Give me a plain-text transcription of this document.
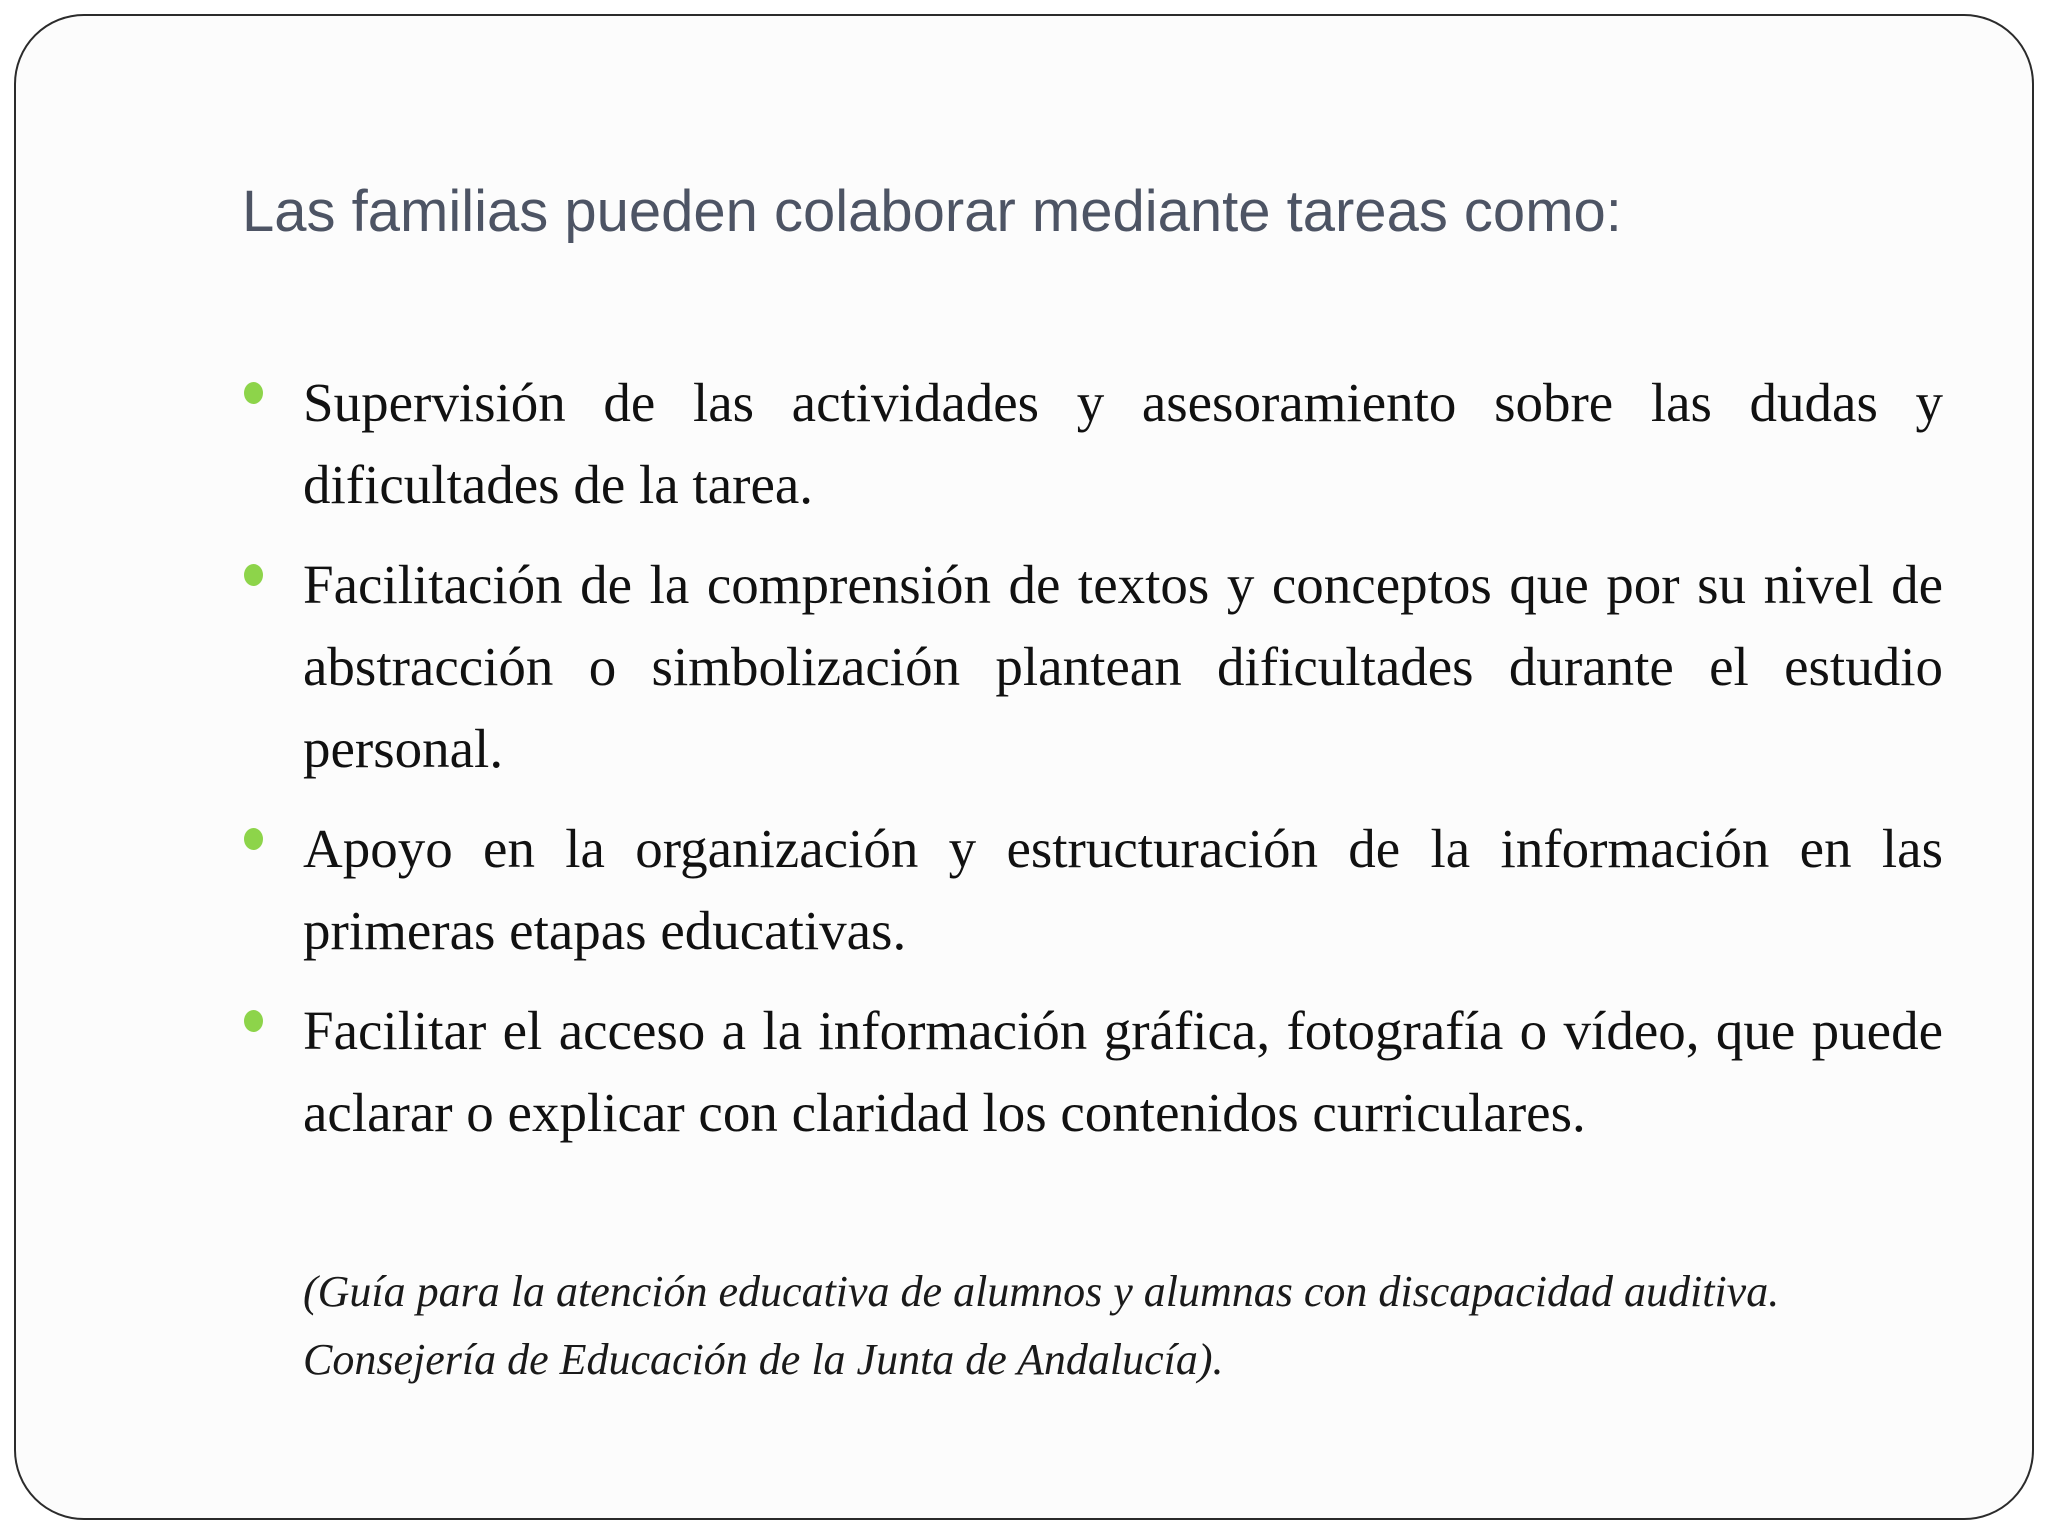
Las familias pueden colaborar mediante tareas como:
Supervisión de las actividades y asesoramiento sobre las dudas y dificultades de la tarea.
Facilitación de la comprensión de textos y conceptos que por su nivel de abstracción o simbolización plantean dificultades durante el estudio personal.
Apoyo en la organización y estructuración de la información en las primeras etapas educativas.
Facilitar el acceso a la información gráfica, fotografía o vídeo, que puede aclarar o explicar con claridad los contenidos curriculares.

(Guía para la atención educativa de alumnos y alumnas con discapacidad auditiva.
Consejería de Educación de la Junta de Andalucía).
